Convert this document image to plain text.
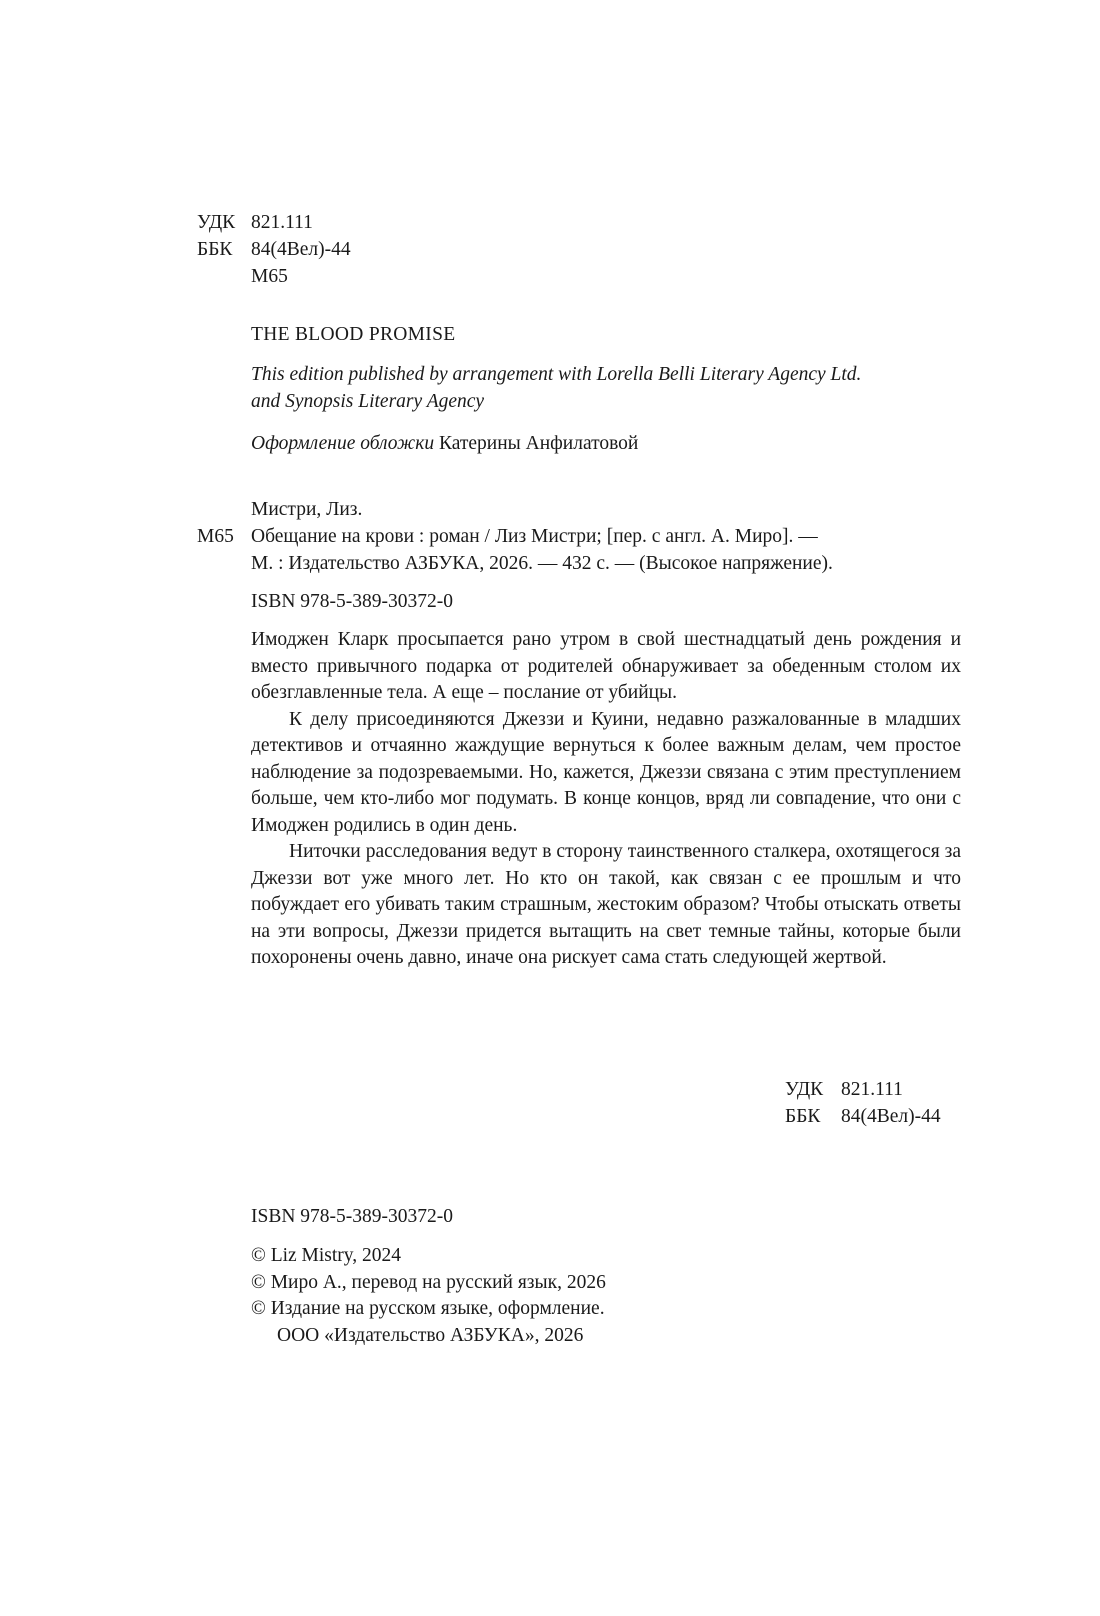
УДК 821.111
ББК 84(4Вел)-44
М65
THE BLOOD PROMISE
This edition published by arrangement with Lorella Belli Literary Agency Ltd.
and Synopsis Literary Agency
Оформление обложки Катерины Анфилатовой
Мистри, Лиз.
М65 Обещание на крови : роман / Лиз Мистри; [пер. с англ. А. Миро]. —
М. : Издательство АЗБУКА, 2026. — 432 с. — (Высокое напряжение).
ISBN 978-5-389-30372-0

Имоджен Кларк просыпается рано утром в свой шестнадцатый день рождения и вместо привычного подарка от родителей обнаруживает за обеденным столом их обезглавленные тела. А еще – послание от убийцы.

К делу присоединяются Джеззи и Куини, недавно разжалованные в младших детективов и отчаянно жаждущие вернуться к более важным делам, чем простое наблюдение за подозреваемыми. Но, кажется, Джеззи связана с этим преступлением больше, чем кто-либо мог подумать. В конце концов, вряд ли совпадение, что они с Имоджен родились в один день.

Ниточки расследования ведут в сторону таинственного сталкера, охотящегося за Джеззи вот уже много лет. Но кто он такой, как связан с ее прошлым и что побуждает его убивать таким страшным, жестоким образом? Чтобы отыскать ответы на эти вопросы, Джеззи придется вытащить на свет темные тайны, которые были похоронены очень давно, иначе она рискует сама стать следующей жертвой.

УДК 821.111
ББК 84(4Вел)-44
ISBN 978-5-389-30372-0
© Liz Mistry, 2024
© Миро А., перевод на русский язык, 2026
© Издание на русском языке, оформление.
ООО «Издательство АЗБУКА», 2026
